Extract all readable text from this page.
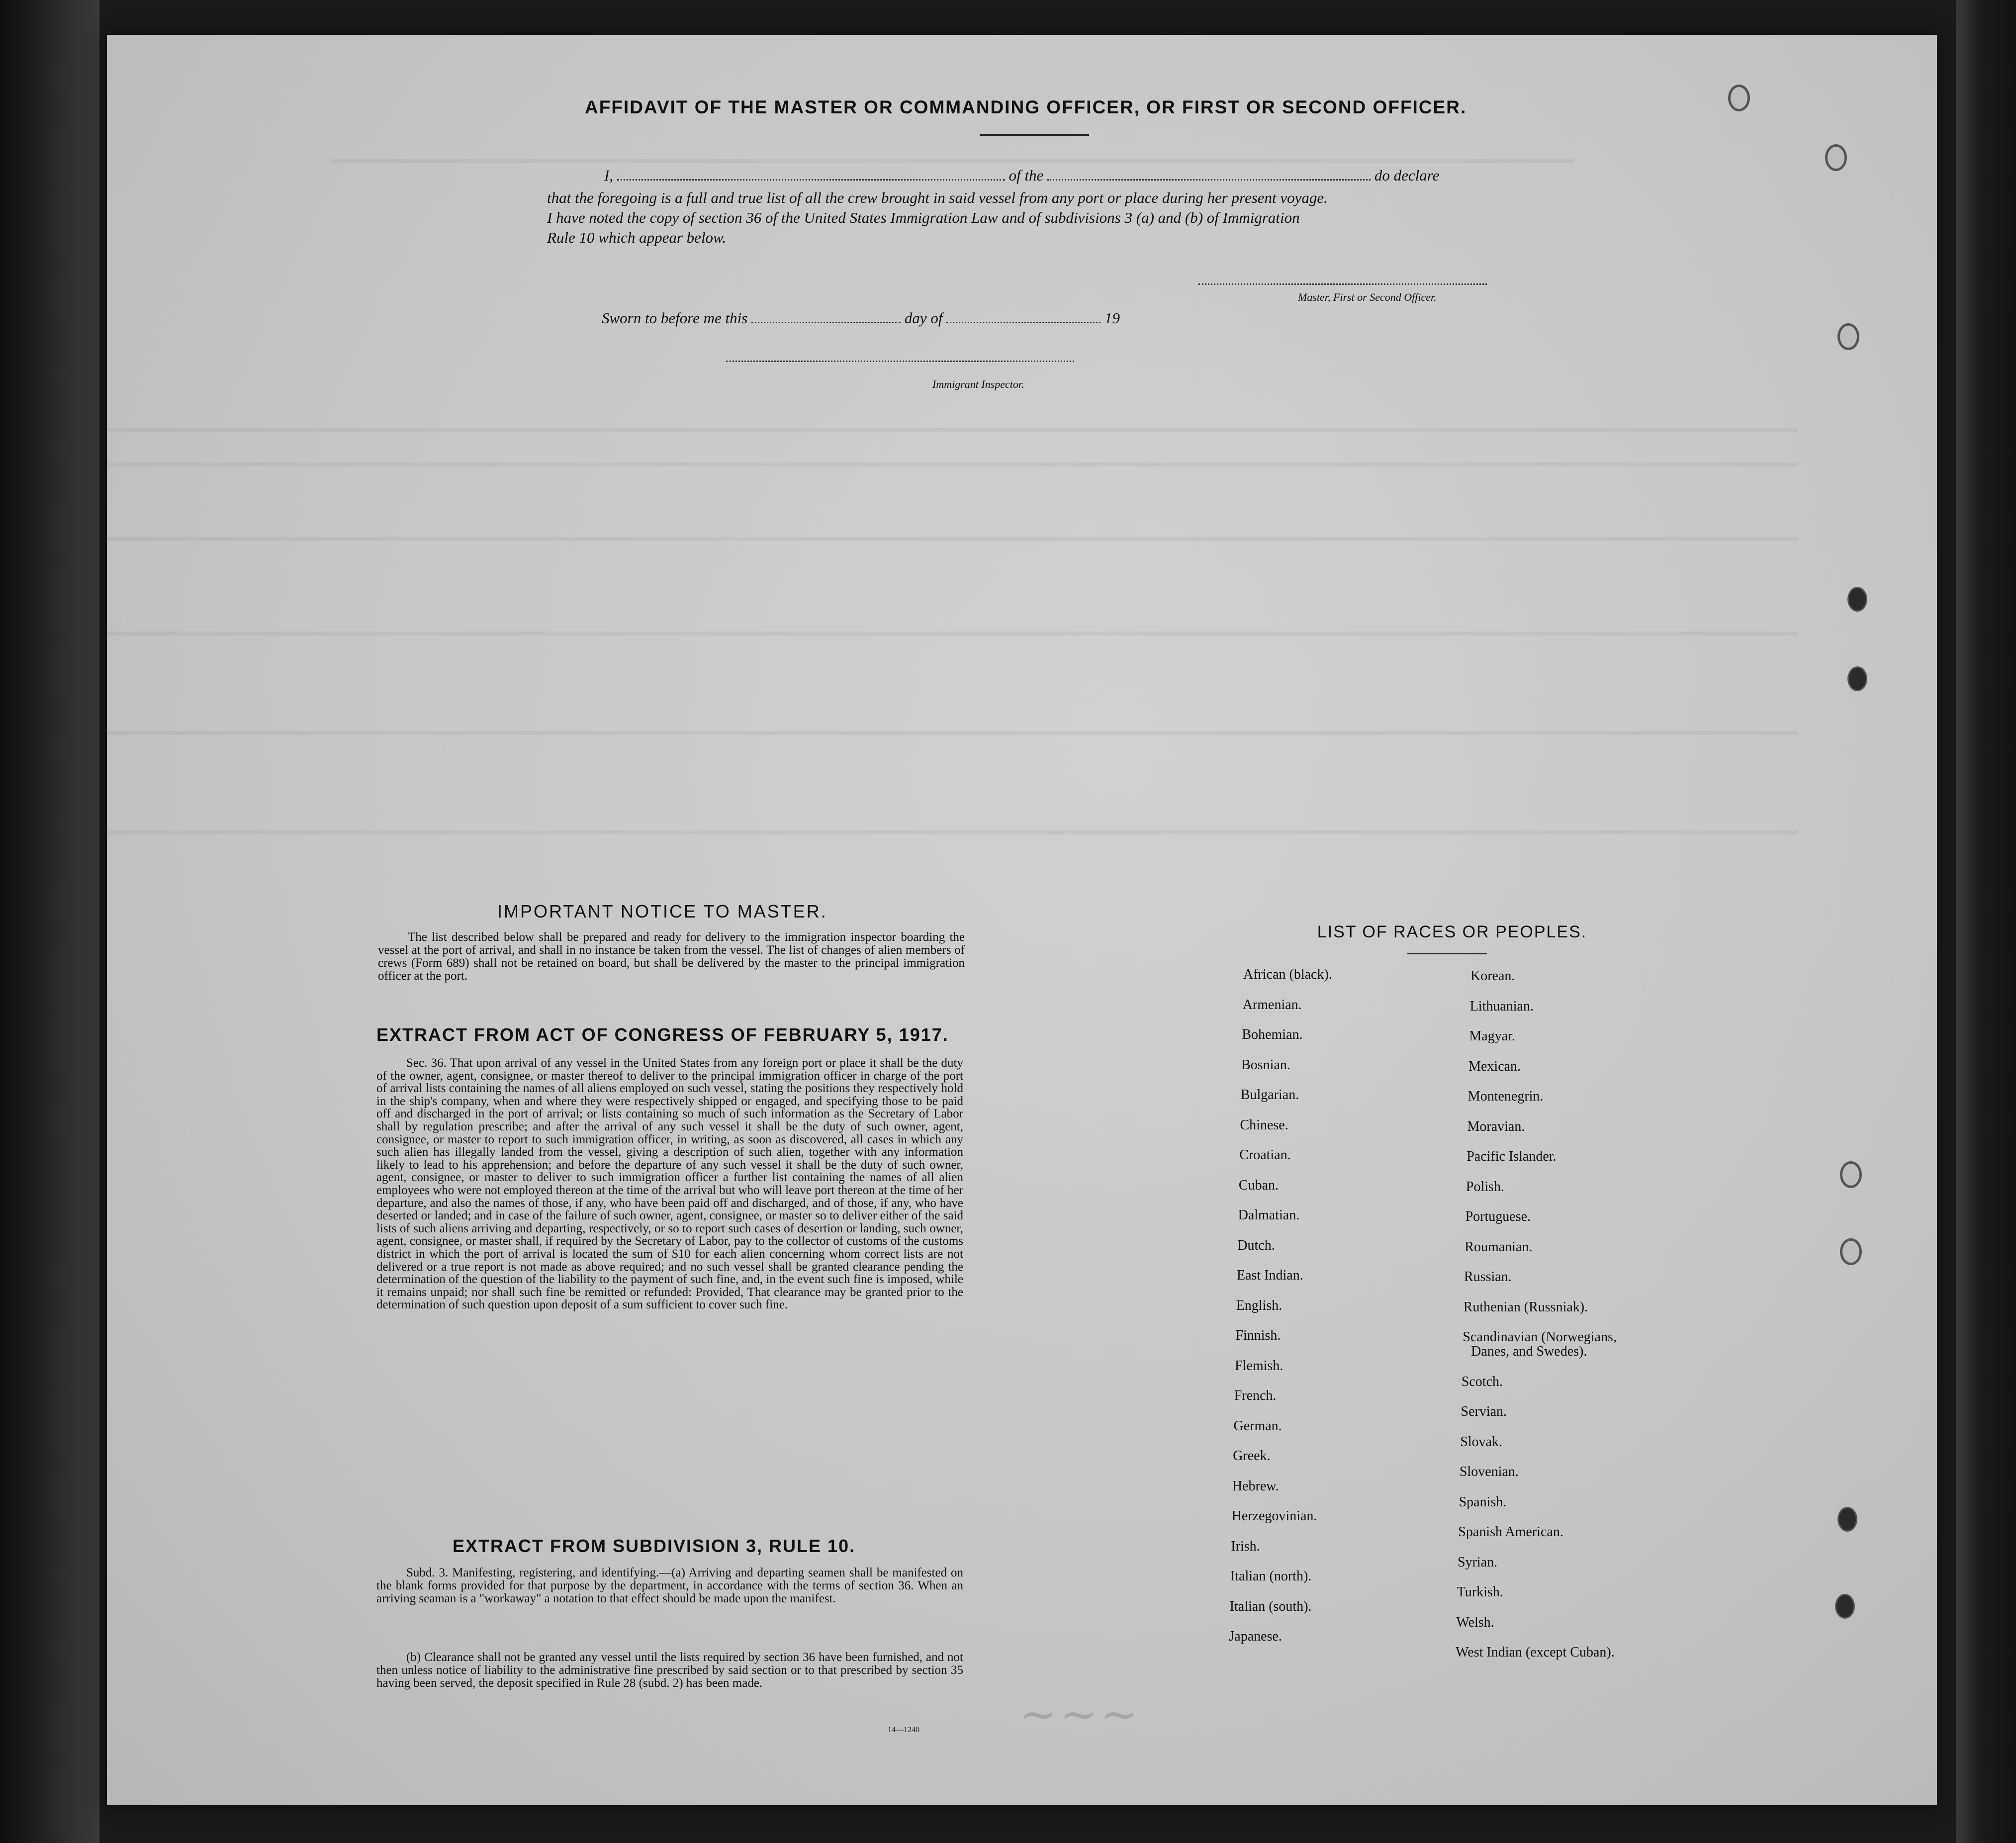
AFFIDAVIT OF THE MASTER OR COMMANDING OFFICER, OR FIRST OR SECOND OFFICER.
I,	of the	do declare
that the foregoing is a full and true list of all the crew brought in said vessel from any port or place during her present voyage.
I have noted the copy of section 36 of the United States Immigration Law and of subdivisions 3 (a) and (b) of Immigration
Rule 10 which appear below.
Master, First or Second Officer.
Sworn to before me this	day of	19
Immigrant Inspector.
IMPORTANT NOTICE TO MASTER.
The list described below shall be prepared and ready for delivery to the immigration inspector boarding the vessel at the port of arrival, and shall in no instance be taken from the vessel. The list of changes of alien members of crews (Form 689) shall not be retained on board, but shall be delivered by the master to the principal immigration officer at the port.
EXTRACT FROM ACT OF CONGRESS OF FEBRUARY 5, 1917.
Sec. 36. That upon arrival of any vessel in the United States from any foreign port or place it shall be the duty of the owner, agent, consignee, or master thereof to deliver to the principal immigration officer in charge of the port of arrival lists containing the names of all aliens employed on such vessel, stating the positions they respectively hold in the ship's company, when and where they were respectively shipped or engaged, and specifying those to be paid off and discharged in the port of arrival; or lists containing so much of such information as the Secretary of Labor shall by regulation prescribe; and after the arrival of any such vessel it shall be the duty of such owner, agent, consignee, or master to report to such immigration officer, in writing, as soon as discovered, all cases in which any such alien has illegally landed from the vessel, giving a description of such alien, together with any information likely to lead to his apprehension; and before the departure of any such vessel it shall be the duty of such owner, agent, consignee, or master to deliver to such immigration officer a further list containing the names of all alien employees who were not employed thereon at the time of the arrival but who will leave port thereon at the time of her departure, and also the names of those, if any, who have been paid off and discharged, and of those, if any, who have deserted or landed; and in case of the failure of such owner, agent, consignee, or master so to deliver either of the said lists of such aliens arriving and departing, respectively, or so to report such cases of desertion or landing, such owner, agent, consignee, or master shall, if required by the Secretary of Labor, pay to the collector of customs of the customs district in which the port of arrival is located the sum of $10 for each alien concerning whom correct lists are not delivered or a true report is not made as above required; and no such vessel shall be granted clearance pending the determination of the question of the liability to the payment of such fine, and, in the event such fine is imposed, while it remains unpaid; nor shall such fine be remitted or refunded: Provided, That clearance may be granted prior to the determination of such question upon deposit of a sum sufficient to cover such fine.
EXTRACT FROM SUBDIVISION 3, RULE 10.
Subd. 3. Manifesting, registering, and identifying.—(a) Arriving and departing seamen shall be manifested on the blank forms provided for that purpose by the department, in accordance with the terms of section 36. When an arriving seaman is a "workaway" a notation to that effect should be made upon the manifest.
(b) Clearance shall not be granted any vessel until the lists required by section 36 have been furnished, and not then unless notice of liability to the administrative fine prescribed by said section or to that prescribed by section 35 having been served, the deposit specified in Rule 28 (subd. 2) has been made.
14—1240
LIST OF RACES OR PEOPLES.
African (black).
Armenian.
Bohemian.
Bosnian.
Bulgarian.
Chinese.
Croatian.
Cuban.
Dalmatian.
Dutch.
East Indian.
English.
Finnish.
Flemish.
French.
German.
Greek.
Hebrew.
Herzegovinian.
Irish.
Italian (north).
Italian (south).
Japanese.
Korean.
Lithuanian.
Magyar.
Mexican.
Montenegrin.
Moravian.
Pacific Islander.
Polish.
Portuguese.
Roumanian.
Russian.
Ruthenian (Russniak).
Scandinavian (Norwegians,
Danes, and Swedes).
Scotch.
Servian.
Slovak.
Slovenian.
Spanish.
Spanish American.
Syrian.
Turkish.
Welsh.
West Indian (except Cuban).
~~~
